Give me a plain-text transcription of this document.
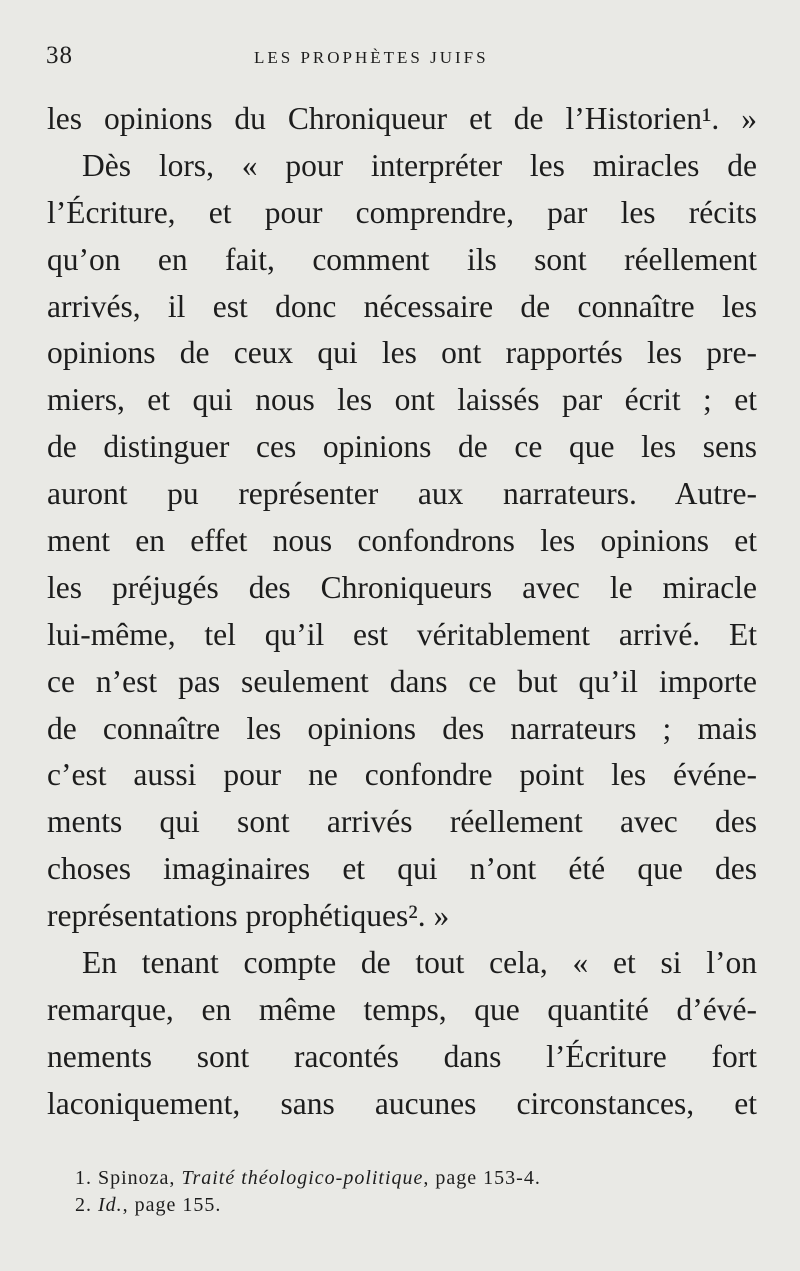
38	LES PROPHÈTES JUIFS
les opinions du Chroniqueur et de l’Historien¹. »
Dès lors, « pour interpréter les miracles de
l’Écriture, et pour comprendre, par les récits
qu’on en fait, comment ils sont réellement
arrivés, il est donc nécessaire de connaître les
opinions de ceux qui les ont rapportés les pre-
miers, et qui nous les ont laissés par écrit ; et
de distinguer ces opinions de ce que les sens
auront pu représenter aux narrateurs. Autre-
ment en effet nous confondrons les opinions et
les préjugés des Chroniqueurs avec le miracle
lui-même, tel qu’il est véritablement arrivé. Et
ce n’est pas seulement dans ce but qu’il importe
de connaître les opinions des narrateurs ; mais
c’est aussi pour ne confondre point les événe-
ments qui sont arrivés réellement avec des
choses imaginaires et qui n’ont été que des
représentations prophétiques². »
En tenant compte de tout cela, « et si l’on
remarque, en même temps, que quantité d’évé-
nements sont racontés dans l’Écriture fort
laconiquement, sans aucunes circonstances, et
1. Spinoza, Traité théologico-politique, page 153-4.
2. Id., page 155.
